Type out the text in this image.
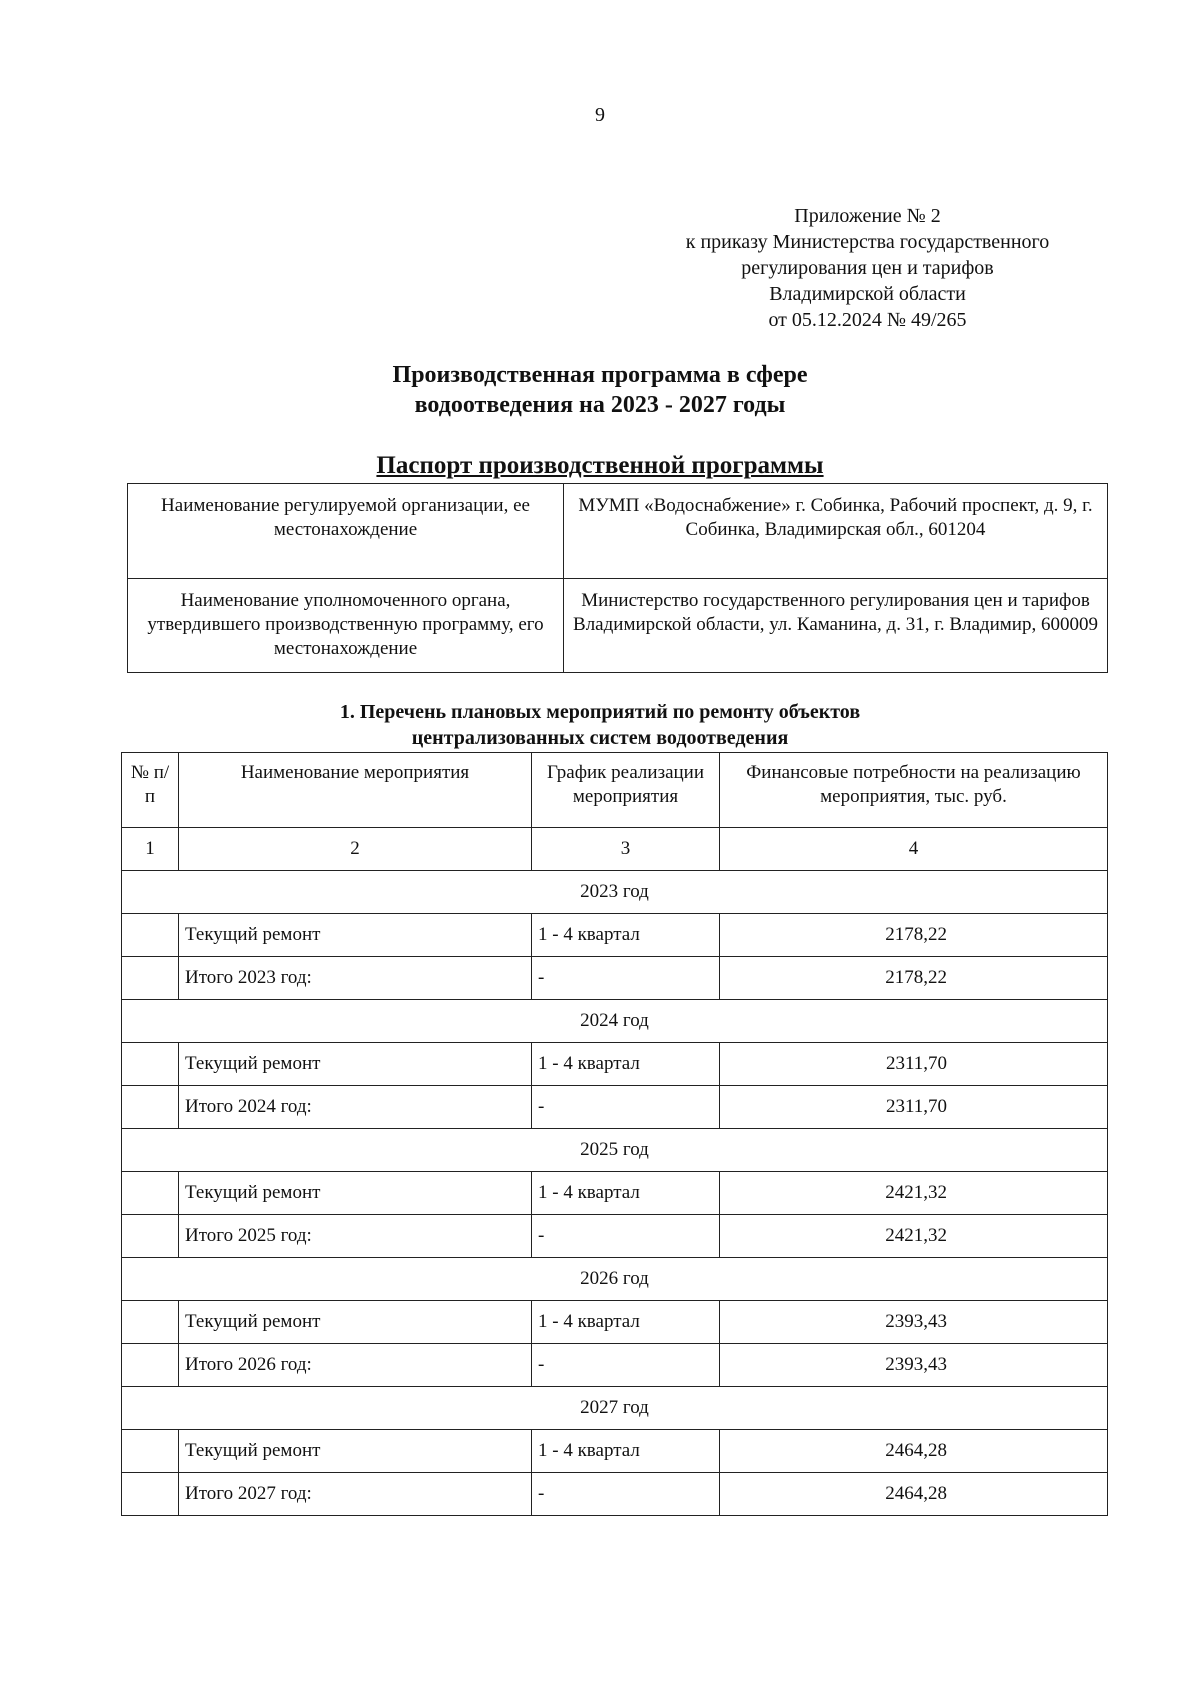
9
Приложение № 2
к приказу Министерства государственного
регулирования цен и тарифов
Владимирской области
от 05.12.2024 № 49/265
Производственная программа в сфере
водоотведения на 2023 - 2027 годы
Паспорт производственной программы
Наименование регулируемой организации, ее местонахождение	МУМП «Водоснабжение» г. Собинка, Рабочий проспект, д. 9, г. Собинка, Владимирская обл., 601204
Наименование уполномоченного органа, утвердившего производственную программу, его местонахождение	Министерство государственного регулирования цен и тарифов Владимирской области, ул. Каманина, д. 31, г. Владимир, 600009
1. Перечень плановых мероприятий по ремонту объектов
централизованных систем водоотведения
№ п/п	Наименование мероприятия	График реализации мероприятия	Финансовые потребности на реализацию мероприятия, тыс. руб.
1	2	3	4
2023 год			
	Текущий ремонт	1 - 4 квартал	2178,22
	Итого 2023 год:	-	2178,22
2024 год			
	Текущий ремонт	1 - 4 квартал	2311,70
	Итого 2024 год:	-	2311,70
2025 год			
	Текущий ремонт	1 - 4 квартал	2421,32
	Итого 2025 год:	-	2421,32
2026 год			
	Текущий ремонт	1 - 4 квартал	2393,43
	Итого 2026 год:	-	2393,43
2027 год			
	Текущий ремонт	1 - 4 квартал	2464,28
	Итого 2027 год:	-	2464,28
